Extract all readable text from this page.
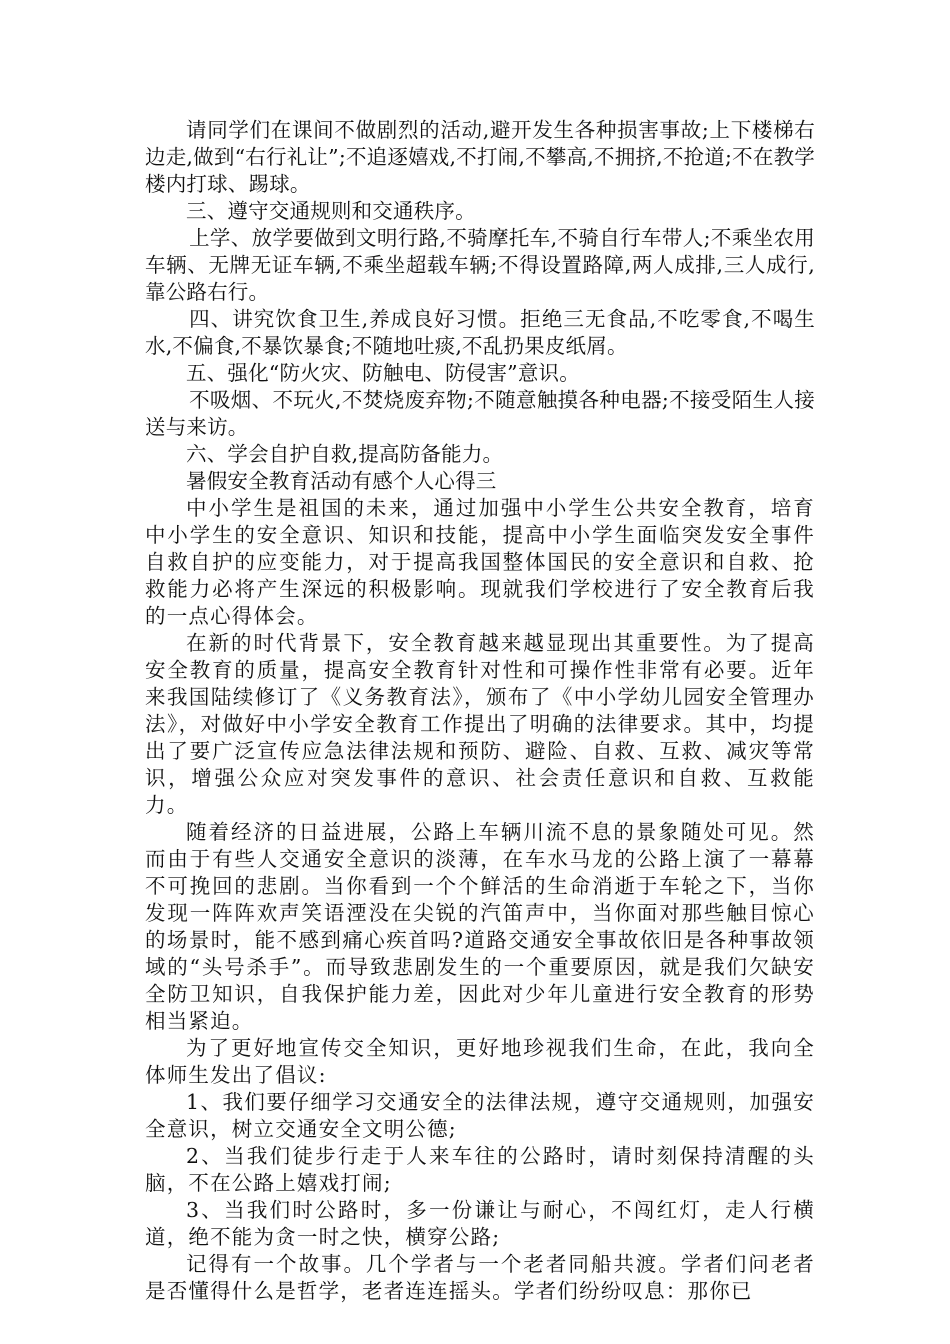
请同学们在课间不做剧烈的活动,避开发生各种损害事故;上下楼梯右边走,做到“右行礼让”;不追逐嬉戏,不打闹,不攀高,不拥挤,不抢道;不在教学楼内打球、踢球。

三、遵守交通规则和交通秩序。

上学、放学要做到文明行路,不骑摩托车,不骑自行车带人;不乘坐农用车辆、无牌无证车辆,不乘坐超载车辆;不得设置路障,两人成排,三人成行,靠公路右行。

四、讲究饮食卫生,养成良好习惯。拒绝三无食品,不吃零食,不喝生水,不偏食,不暴饮暴食;不随地吐痰,不乱扔果皮纸屑。

五、强化“防火灾、防触电、防侵害”意识。

不吸烟、不玩火,不焚烧废弃物;不随意触摸各种电器;不接受陌生人接送与来访。

六、学会自护自救,提高防备能力。

暑假安全教育活动有感个人心得三

中小学生是祖国的未来，通过加强中小学生公共安全教育，培育中小学生的安全意识、知识和技能，提高中小学生面临突发安全事件自救自护的应变能力，对于提高我国整体国民的安全意识和自救、抢救能力必将产生深远的积极影响。现就我们学校进行了安全教育后我的一点心得体会。

在新的时代背景下，安全教育越来越显现出其重要性。为了提高安全教育的质量，提高安全教育针对性和可操作性非常有必要。近年来我国陆续修订了《义务教育法》，颁布了《中小学幼儿园安全管理办法》，对做好中小学安全教育工作提出了明确的法律要求。其中，均提出了要广泛宣传应急法律法规和预防、避险、自救、互救、减灾等常识，增强公众应对突发事件的意识、社会责任意识和自救、互救能力。

随着经济的日益进展，公路上车辆川流不息的景象随处可见。然而由于有些人交通安全意识的淡薄，在车水马龙的公路上演了一幕幕不可挽回的悲剧。当你看到一个个鲜活的生命消逝于车轮之下，当你发现一阵阵欢声笑语湮没在尖锐的汽笛声中，当你面对那些触目惊心的场景时，能不感到痛心疾首吗?道路交通安全事故依旧是各种事故领域的“头号杀手”。而导致悲剧发生的一个重要原因，就是我们欠缺安全防卫知识，自我保护能力差，因此对少年儿童进行安全教育的形势相当紧迫。

为了更好地宣传交全知识，更好地珍视我们生命，在此，我向全体师生发出了倡议:

1、我们要仔细学习交通安全的法律法规，遵守交通规则，加强安全意识，树立交通安全文明公德;

2、当我们徒步行走于人来车往的公路时，请时刻保持清醒的头脑，不在公路上嬉戏打闹;

3、当我们时公路时，多一份谦让与耐心，不闯红灯，走人行横道，绝不能为贪一时之快，横穿公路;

记得有一个故事。几个学者与一个老者同船共渡。学者们问老者是否懂得什么是哲学，老者连连摇头。学者们纷纷叹息：那你已
